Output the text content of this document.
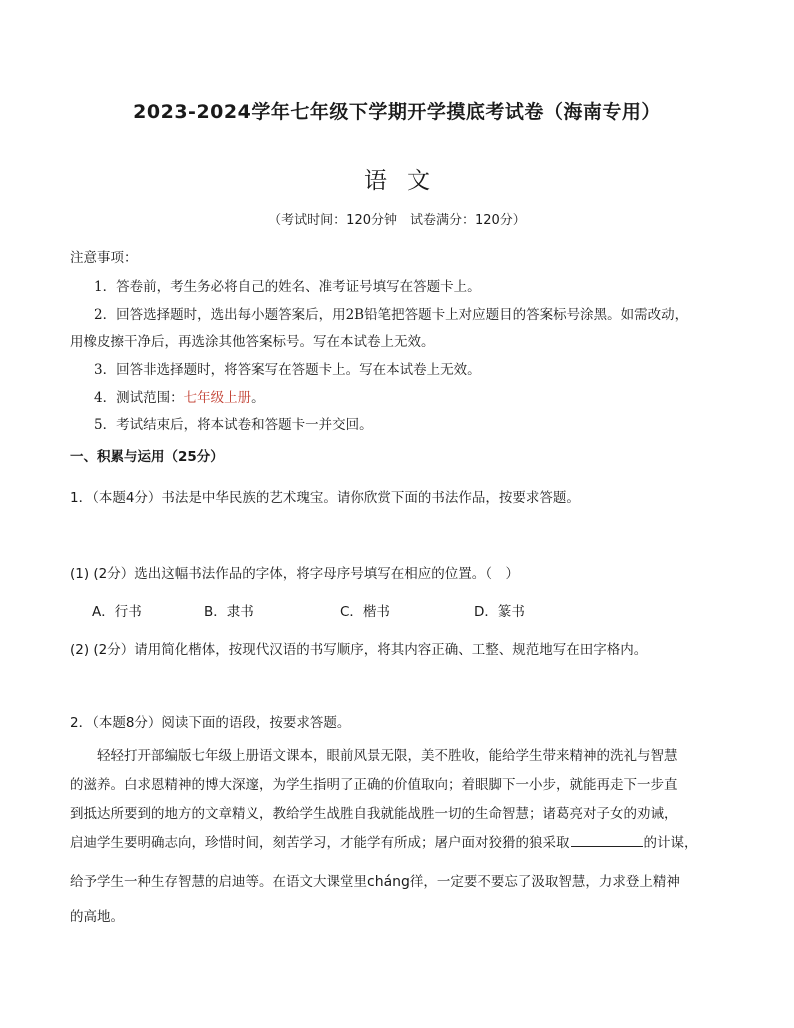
2023-2024学年七年级下学期开学摸底考试卷（海南专用）
语文
（考试时间：120分钟　试卷满分：120分）
注意事项：
1．答卷前，考生务必将自己的姓名、准考证号填写在答题卡上。
2．回答选择题时，选出每小题答案后，用2B铅笔把答题卡上对应题目的答案标号涂黑。如需改动，
用橡皮擦干净后，再选涂其他答案标号。写在本试卷上无效。
3．回答非选择题时，将答案写在答题卡上。写在本试卷上无效。
4．测试范围：七年级上册。
5．考试结束后，将本试卷和答题卡一并交回。
一、积累与运用（25分）
1．（本题4分）书法是中华民族的艺术瑰宝。请你欣赏下面的书法作品，按要求答题。
(1) (2分）选出这幅书法作品的字体，将字母序号填写在相应的位置。（　）
A．行书	B．隶书	C．楷书	D．篆书
(2) (2分）请用简化楷体，按现代汉语的书写顺序，将其内容正确、工整、规范地写在田字格内。
2．（本题8分）阅读下面的语段，按要求答题。
轻轻打开部编版七年级上册语文课本，眼前风景无限，美不胜收，能给学生带来精神的洗礼与智慧
的滋养。白求恩精神的博大深邃，为学生指明了正确的价值取向；着眼脚下一小步，就能再走下一步直
到抵达所要到的地方的文章精义，教给学生战胜自我就能战胜一切的生命智慧；诸葛亮对子女的劝诫，
启迪学生要明确志向，珍惜时间，刻苦学习，才能学有所成；屠户面对狡猾的狼采取	的计谋，
给予学生一种生存智慧的启迪等。在语文大课堂里cháng徉，一定要不要忘了汲取智慧，力求登上精神
的高地。
